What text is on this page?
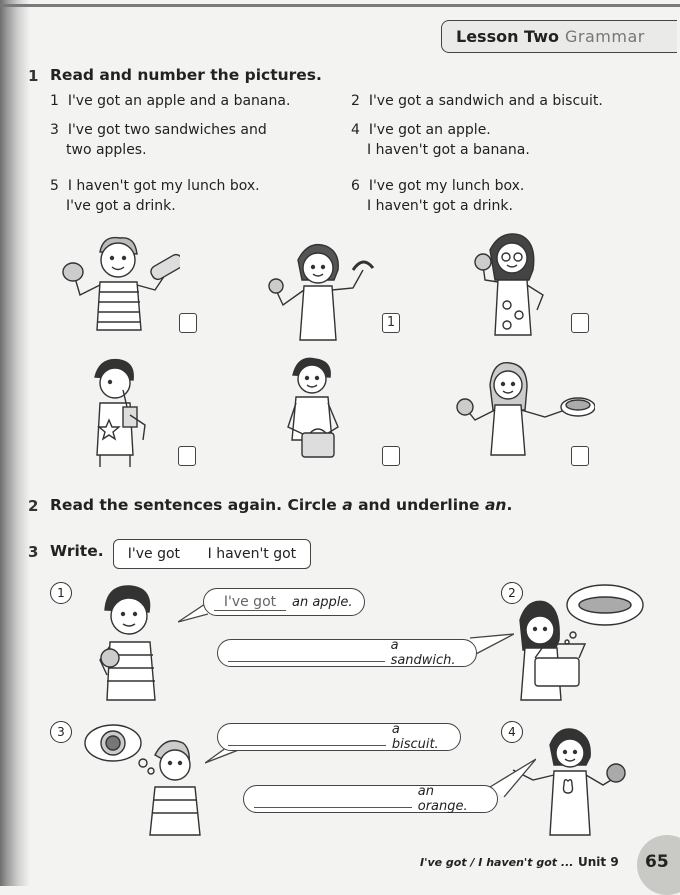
Lesson Two Grammar
1 Read and number the pictures.
1 I've got an apple and a banana.	2 I've got a sandwich and a biscuit.
3 I've got two sandwiches and
two apples.
4 I've got an apple.
I haven't got a banana.
5 I haven't got my lunch box.
I've got a drink.
6 I've got my lunch box.
I haven't got a drink.
1
2 Read the sentences again. Circle a and underline an.
3 Write. I've got I haven't got
1
I've got	an apple.
2
a sandwich.
3	a biscuit.
4
an orange.
I've got / I haven't got ... Unit 9 65
